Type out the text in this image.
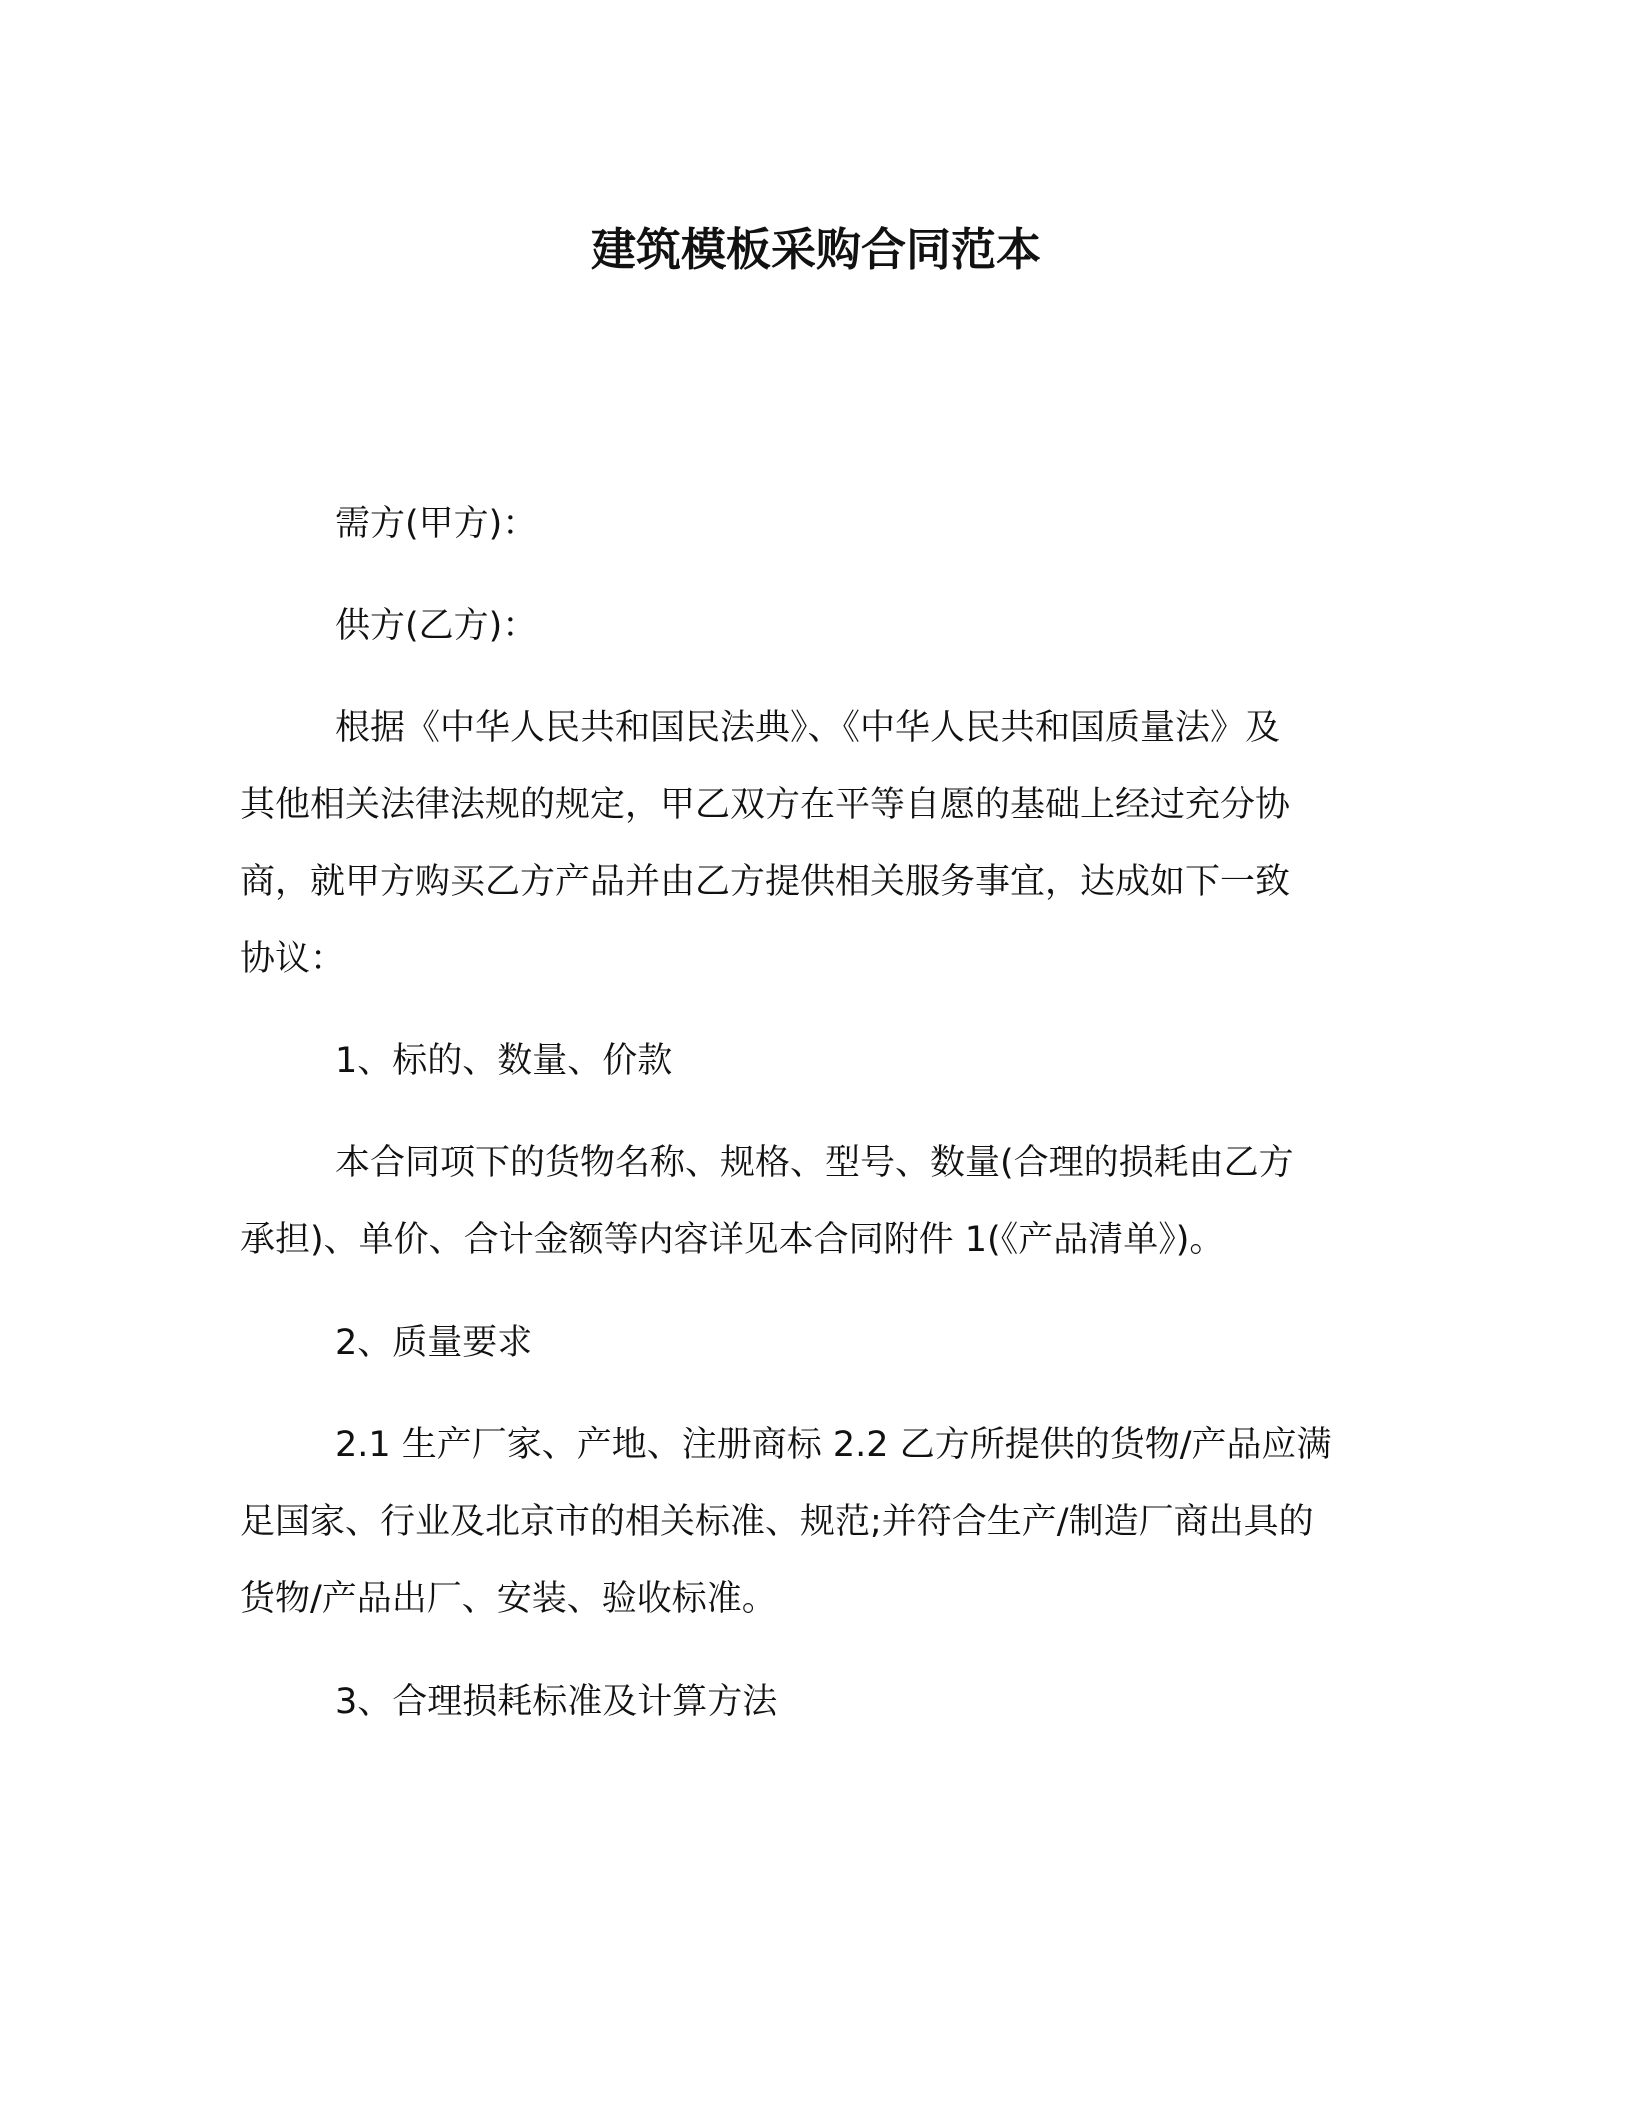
建筑模板采购合同范本

需方(甲方)：

供方(乙方)：

根据《中华人民共和国民法典》、《中华人民共和国质量法》及
其他相关法律法规的规定，甲乙双方在平等自愿的基础上经过充分协
商，就甲方购买乙方产品并由乙方提供相关服务事宜，达成如下一致
协议：

1、标的、数量、价款

本合同项下的货物名称、规格、型号、数量(合理的损耗由乙方
承担)、单价、合计金额等内容详见本合同附件 1(《产品清单》)。

2、质量要求

2.1 生产厂家、产地、注册商标 2.2 乙方所提供的货物/产品应满
足国家、行业及北京市的相关标准、规范;并符合生产/制造厂商出具的
货物/产品出厂、安装、验收标准。

3、合理损耗标准及计算方法
